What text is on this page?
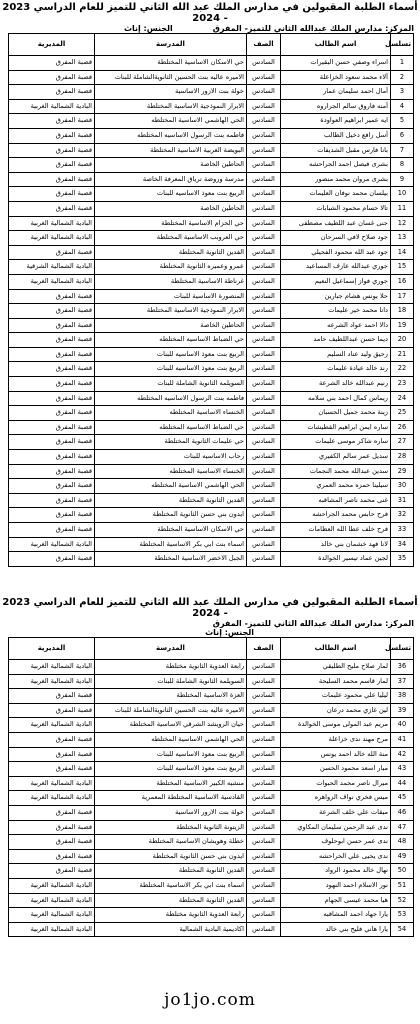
أسماء الطلبة المقبولين في مدارس الملك عبد الله الثاني للتميز للعام الدراسي 2023 - 2024
المركز: مدارس الملك عبدالله الثاني للتميز- المفرق
الجنس: إناث
تسلسل	اسم الطالب	الصف	المدرسة	المديرية
1	اسراء وصفي حسن البقيرات	السادس	حي الاسكان الاساسية المختلطة	قصبة المفرق
2	آلاء محمد سعود الخزاعلة	السادس	الاميره عاليه بنت الحسين الثانويةالشاملة للبنات	قصبة المفرق
3	آمال احمد سليمان عمار	السادس	خولة بنت الازور الاساسية	قصبة المفرق
4	آمنه فاروق سالم الجراروه	السادس	الابرار النموذجية الاساسية المختلطة	البادية الشمالية الغربية
5	ايه عمير ابراهيم العواودة	السادس	الحي الهاشمي الاساسية المختلطه	قصبة المفرق
6	أسل رافع دخيل الطالب	السادس	فاطمه بنت الرسول الاساسيه المختلطه	قصبة المفرق
7	بانا فارس مقبل الشديفات	السادس	البويضة الغربية الاساسية المختلطة	قصبة المفرق
8	بشرى فيصل احمد الجراحشه	السادس	الحاطين الخاصة	قصبة المفرق
9	بشرى مروان محمد منصور	السادس	مدرسة وروضة ترياق المعرفة الخاصة	قصبة المفرق
10	بيلسان محمد نوفان العليمات	السادس	الربيع بنت معوذ الاساسيه للبنات	قصبة المفرق
11	تالا حسام محمود الشبابات	السادس	الحاطين الخاصة	قصبة المفرق
12	جنى غسان عبد اللطيف مصطفى	السادس	حي الحزام الاساسية المختلطة	البادية الشمالية الغربية
13	جود صلاح لافي السرحان	السادس	حي العروبب الاساسية المختلطة	البادية الشمالية الغربية
14	جود عبد الله محمود الفحيلي	السادس	الفدين الثانوية المختلطة	قصبة المفرق
15	جوري عبدالله عارف المساعيد	السادس	عمرو وعميره الثانوية المختلطة	البادية الشمالية الشرقية
16	جوري فواز إسماعيل النعيم	السادس	غرناطة الاساسية المختلطة	البادية الشمالية الغربية
17	حلا يونس هشام جبارين	السادس	المنصورة الاساسية للبنات	قصبة المفرق
18	دانا محمد خير عليمات	السادس	الابرار النموذجية الاساسية المختلطة	قصبة المفرق
19	دالا احمد عواد الشرعه	السادس	الحاطين الخاصة	قصبة المفرق
20	ديما حسن عبداللطيف حامد	السادس	حي الضباط الاساسيه المختلطه	قصبة المفرق
21	رحيق وليد عناد السليم	السادس	الربيع بنت معوذ الاساسيه للبنات	قصبة المفرق
22	رند خالد عيادة عليمات	السادس	الربيع بنت معوذ الاساسيه للبنات	قصبة المفرق
23	رنيم عبدالله خالد الشرعة	السادس	السويلمه الثانوية الشاملة للبنات	قصبة المفرق
24	ريماس كمال احمد بني سلامه	السادس	فاطمه بنت الرسول الاساسيه المختلطه	قصبة المفرق
25	زينة محمد جميل الحسبان	السادس	الخنساء الاساسية المختلطه	قصبة المفرق
26	ساره ايمن ابراهيم القطيشات	السادس	حي الضباط الاساسيه المختلطه	قصبة المفرق
27	ساره شاكر موسى عليمات	السادس	حي عليمات الثانوية المختلطة	قصبة المفرق
28	سديل عمر سالم الكفيري	السادس	رحاب الاساسيه للبنات	قصبة المفرق
29	سدين عبدالله محمد النجمات	السادس	الخنساء الاساسية المختلطه	قصبة المفرق
30	سيلينا حمزه محمد العمري	السادس	الحي الهاشمي الاساسية المختلطه	قصبة المفرق
31	غنى محمد ناصر المشاقبه	السادس	الفدين الثانوية المختلطة	قصبة المفرق
32	فرح حابس محمد الجراحشه	السادس	ايدون بني حسن الثانوية المختلطة	قصبة المفرق
33	فرح خلف عطا الله العظامات	السادس	حي الاسكان الاساسية المختلطة	قصبة المفرق
34	لانا فهد خشمان بني خالد	السادس	اسماء بنت ابي بكر الاساسية المختلطة	البادية الشمالية الغربية
35	لجين عماد تيسير الخوالدة	السادس	الجبل الاخضر الاساسية المختلطة	قصبة المفرق
أسماء الطلبة المقبولين في مدارس الملك عبد الله الثاني للتميز للعام الدراسي 2023 - 2024
المركز: مدارس الملك عبدالله الثاني للتميز- المفرق
الجنس: إناث
تسلسل	اسم الطالب	الصف	المدرسة	المديرية
36	لمار صلاح مليح الطليقي	السادس	رابعة العدوية الثانوية مختلطة	البادية الشمالية الغربية
37	لمار قاسم محمد السليحة	السادس	السويلمه الثانوية الشاملة للبنات	البادية الشمالية الغربية
38	ليليا علي محمود عليمات	السادس	العزة الاساسية المختلطة	قصبة المفرق
39	لين غازي محمد درعان	السادس	الاميره عاليه بنت الحسين الثانويةالشاملة للبنات	قصبة المفرق
40	مريم عبد المولى موسى الخوالدة	السادس	حيان الرويشد الشرقي الاساسية المختلطة	البادية الشمالية الغربية
41	مرح مهند ندى خزاعلة	السادس	الحي الهاشمي الاساسية المختلطه	قصبة المفرق
42	منة الله خالد احمد يونس	السادس	الربيع بنت معوذ الاساسيه للبنات	قصبة المفرق
43	ميار اسعد محمود الحسن	السادس	الربيع بنت معوذ الاساسيه للبنات	قصبة المفرق
44	ميرال ناصر محمد الحبوات	السادس	منشيه الكبير الاساسية المختلطة	البادية الشمالية الغربية
45	ميس فخري نواف الزواهره	السادس	القادسية الاساسية المختلطة المعمرية	البادية الشمالية الغربية
46	ميقات علي خلف الشرعة	السادس	خولة بنت الازور الاساسية	قصبة المفرق
47	ندى عبد الرحمن سليمان المكاوي	السادس	الزيتونة الثانوية المختلطة	قصبة المفرق
48	ندى عمر حسن ابوحلوف	السادس	خطلة وهويشان الاساسية المختلطة	قصبة المفرق
49	ندى يحيى علي الحراحشه	السادس	ايدون بني حسن الثانوية المختلطة	قصبة المفرق
50	نهال خالد محمود الرواد	السادس	الفدين الثانوية المختلطة	قصبة المفرق
51	نور الاسلام احمد النهود	السادس	اسماء بنت ابي بكر الاساسية المختلطة	البادية الشمالية الغربية
52	هيا محمد عيسى الجهام	السادس	الفدين الثانوية المختلطة	البادية الشمالية الغربية
53	يارا جهاد احمد المشاقبه	السادس	رابعة العدوية الثانوية مختلطة	البادية الشمالية الغربية
54	يارا هاني فليح بني خالد	السادس	اكاديمية البادية الشمالية	البادية الشمالية الغربية
jo1jo.com
